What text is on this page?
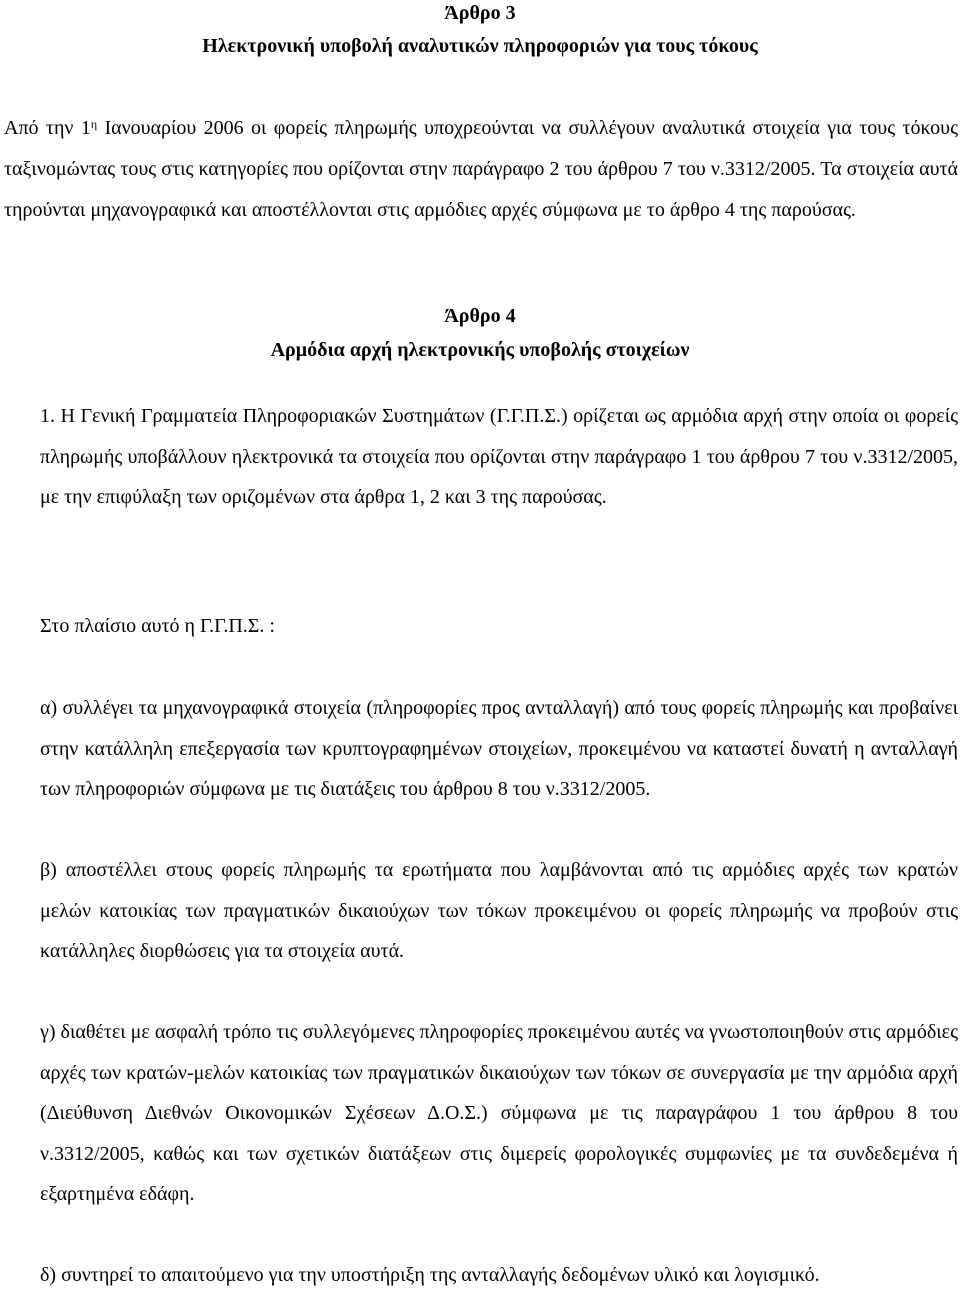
Άρθρο 3
Ηλεκτρονική υποβολή αναλυτικών πληροφοριών για τους τόκους
Από την $1^\eta$ Ιανουαρίου 2006 οι φορείς πληρωμής υποχρεούνται να συλλέγουν αναλυτικά στοιχεία για τους τόκους ταξινομώντας τους στις κατηγορίες που ορίζονται στην παράγραφο 2 του άρθρου 7 του ν.3312/2005. Τα στοιχεία αυτά τηρούνται μηχανογραφικά και αποστέλλονται στις αρμόδιες αρχές σύμφωνα με το άρθρο 4 της παρούσας.
Άρθρο 4
Αρμόδια αρχή ηλεκτρονικής υποβολής στοιχείων
1. Η Γενική Γραμματεία Πληροφοριακών Συστημάτων (Γ.Γ.Π.Σ.) ορίζεται ως αρμόδια αρχή στην οποία οι φορείς πληρωμής υποβάλλουν ηλεκτρονικά τα στοιχεία που ορίζονται στην παράγραφο 1 του άρθρου 7 του ν.3312/2005, με την επιφύλαξη των οριζομένων στα άρθρα 1, 2 και 3 της παρούσας.
Στο πλαίσιο αυτό η Γ.Γ.Π.Σ. :
α) συλλέγει τα μηχανογραφικά στοιχεία (πληροφορίες προς ανταλλαγή) από τους φορείς πληρωμής και προβαίνει στην κατάλληλη επεξεργασία των κρυπτογραφημένων στοιχείων, προκειμένου να καταστεί δυνατή η ανταλλαγή των πληροφοριών σύμφωνα με τις διατάξεις του άρθρου 8 του ν.3312/2005.
β) αποστέλλει στους φορείς πληρωμής τα ερωτήματα που λαμβάνονται από τις αρμόδιες αρχές των κρατών μελών κατοικίας των πραγματικών δικαιούχων των τόκων προκειμένου οι φορείς πληρωμής να προβούν στις κατάλληλες διορθώσεις για τα στοιχεία αυτά.
γ) διαθέτει με ασφαλή τρόπο τις συλλεγόμενες πληροφορίες προκειμένου αυτές να γνωστοποιηθούν στις αρμόδιες αρχές των κρατών-μελών κατοικίας των πραγματικών δικαιούχων των τόκων σε συνεργασία με την αρμόδια αρχή (Διεύθυνση Διεθνών Οικονομικών Σχέσεων Δ.Ο.Σ.) σύμφωνα με τις παραγράφου 1 του άρθρου 8 του ν.3312/2005, καθώς και των σχετικών διατάξεων στις διμερείς φορολογικές συμφωνίες με τα συνδεδεμένα ή εξαρτημένα εδάφη.
δ) συντηρεί το απαιτούμενο για την υποστήριξη της ανταλλαγής δεδομένων υλικό και λογισμικό.
